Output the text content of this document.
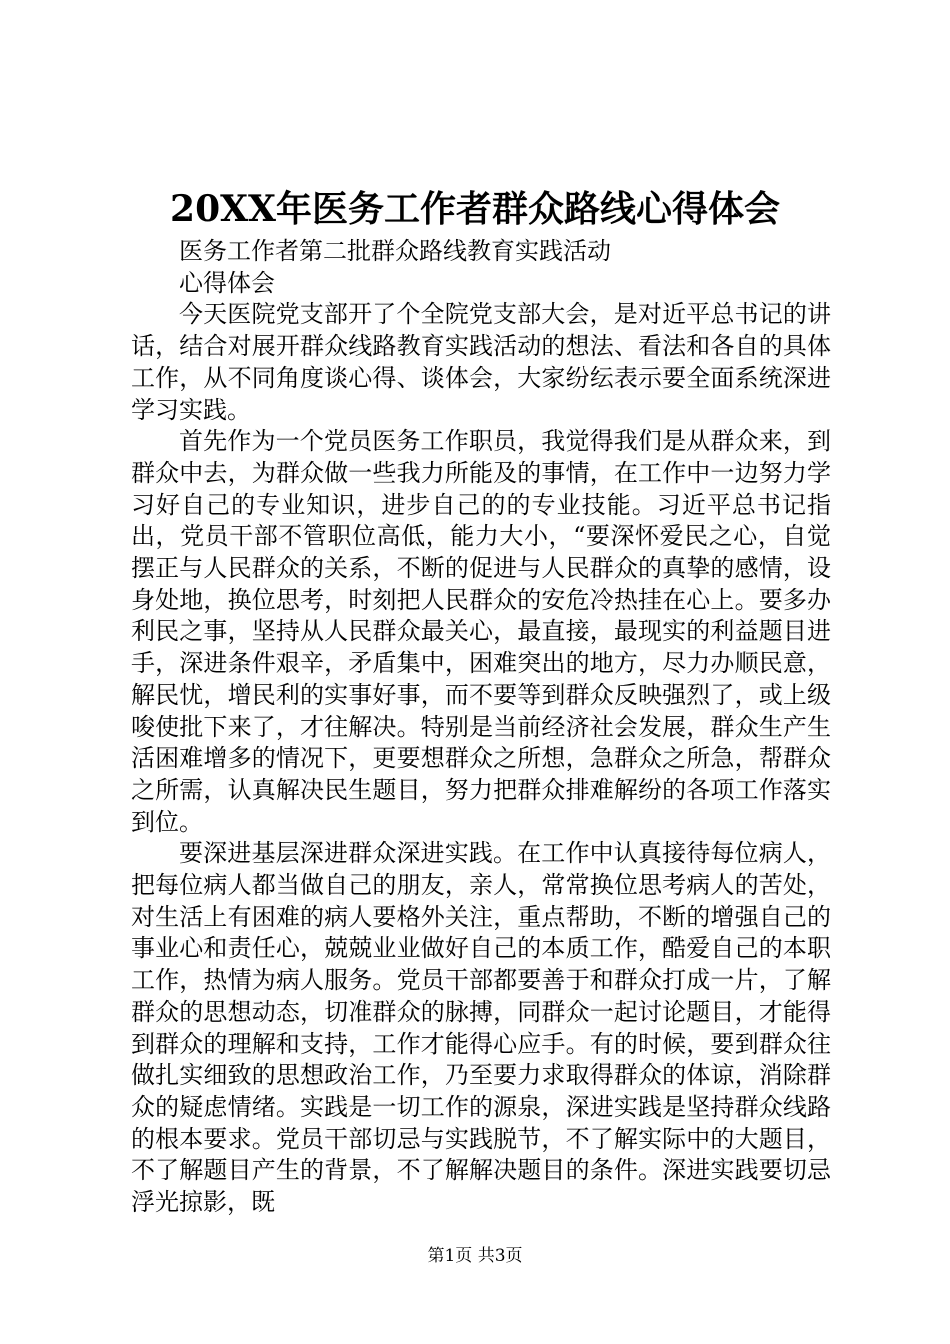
20XX年医务工作者群众路线心得体会

医务工作者第二批群众路线教育实践活动

心得体会

今天医院党支部开了个全院党支部大会，是对近平总书记的讲话，结合对展开群众线路教育实践活动的想法、看法和各自的具体工作，从不同角度谈心得、谈体会，大家纷纭表示要全面系统深进学习实践。

首先作为一个党员医务工作职员，我觉得我们是从群众来，到群众中去，为群众做一些我力所能及的事情，在工作中一边努力学习好自己的专业知识，进步自己的的专业技能。习近平总书记指出，党员干部不管职位高低，能力大小，“要深怀爱民之心，自觉摆正与人民群众的关系，不断的促进与人民群众的真挚的感情，设身处地，换位思考，时刻把人民群众的安危冷热挂在心上。要多办利民之事，坚持从人民群众最关心，最直接，最现实的利益题目进手，深进条件艰辛，矛盾集中，困难突出的地方，尽力办顺民意，解民忧，增民利的实事好事，而不要等到群众反映强烈了，或上级唆使批下来了，才往解决。特别是当前经济社会发展，群众生产生活困难增多的情况下，更要想群众之所想，急群众之所急，帮群众之所需，认真解决民生题目，努力把群众排难解纷的各项工作落实到位。

要深进基层深进群众深进实践。在工作中认真接待每位病人，把每位病人都当做自己的朋友，亲人，常常换位思考病人的苦处，对生活上有困难的病人要格外关注，重点帮助，不断的增强自己的事业心和责任心，兢兢业业做好自己的本质工作，酷爱自己的本职工作，热情为病人服务。党员干部都要善于和群众打成一片，了解群众的思想动态，切准群众的脉搏，同群众一起讨论题目，才能得到群众的理解和支持，工作才能得心应手。有的时候，要到群众往做扎实细致的思想政治工作，乃至要力求取得群众的体谅，消除群众的疑虑情绪。实践是一切工作的源泉，深进实践是坚持群众线路的根本要求。党员干部切忌与实践脱节，不了解实际中的大题目，不了解题目产生的背景，不了解解决题目的条件。深进实践要切忌浮光掠影，既

第1页 共3页
